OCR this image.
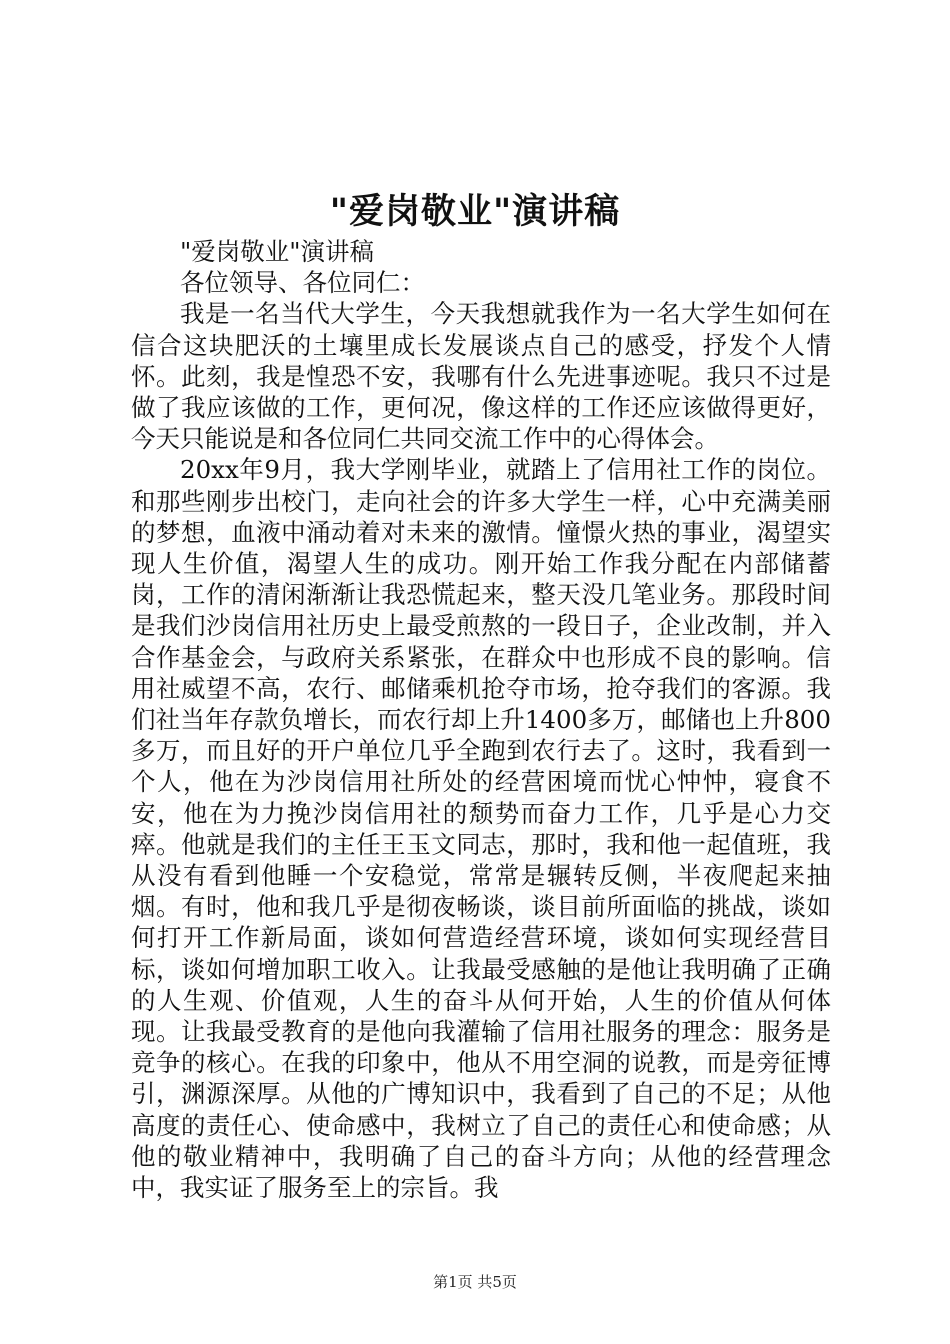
"爱岗敬业"演讲稿

"爱岗敬业"演讲稿

各位领导、各位同仁：

我是一名当代大学生，今天我想就我作为一名大学生如何在信合这块肥沃的土壤里成长发展谈点自己的感受，抒发个人情怀。此刻，我是惶恐不安，我哪有什么先进事迹呢。我只不过是做了我应该做的工作，更何况，像这样的工作还应该做得更好，今天只能说是和各位同仁共同交流工作中的心得体会。

20xx年9月，我大学刚毕业，就踏上了信用社工作的岗位。和那些刚步出校门，走向社会的许多大学生一样，心中充满美丽的梦想，血液中涌动着对未来的激情。憧憬火热的事业，渴望实现人生价值，渴望人生的成功。刚开始工作我分配在内部储蓄岗，工作的清闲渐渐让我恐慌起来，整天没几笔业务。那段时间是我们沙岗信用社历史上最受煎熬的一段日子，企业改制，并入合作基金会，与政府关系紧张，在群众中也形成不良的影响。信用社威望不高，农行、邮储乘机抢夺市场，抢夺我们的客源。我们社当年存款负增长，而农行却上升1400多万，邮储也上升800多万，而且好的开户单位几乎全跑到农行去了。这时，我看到一个人，他在为沙岗信用社所处的经营困境而忧心忡忡，寝食不安，他在为力挽沙岗信用社的颓势而奋力工作，几乎是心力交瘁。他就是我们的主任王玉文同志，那时，我和他一起值班，我从没有看到他睡一个安稳觉，常常是辗转反侧，半夜爬起来抽烟。有时，他和我几乎是彻夜畅谈，谈目前所面临的挑战，谈如何打开工作新局面，谈如何营造经营环境，谈如何实现经营目标，谈如何增加职工收入。让我最受感触的是他让我明确了正确的人生观、价值观，人生的奋斗从何开始，人生的价值从何体现。让我最受教育的是他向我灌输了信用社服务的理念：服务是竞争的核心。在我的印象中，他从不用空洞的说教，而是旁征博引，渊源深厚。从他的广博知识中，我看到了自己的不足；从他高度的责任心、使命感中，我树立了自己的责任心和使命感；从他的敬业精神中，我明确了自己的奋斗方向；从他的经营理念中，我实证了服务至上的宗旨。我

第1页 共5页
